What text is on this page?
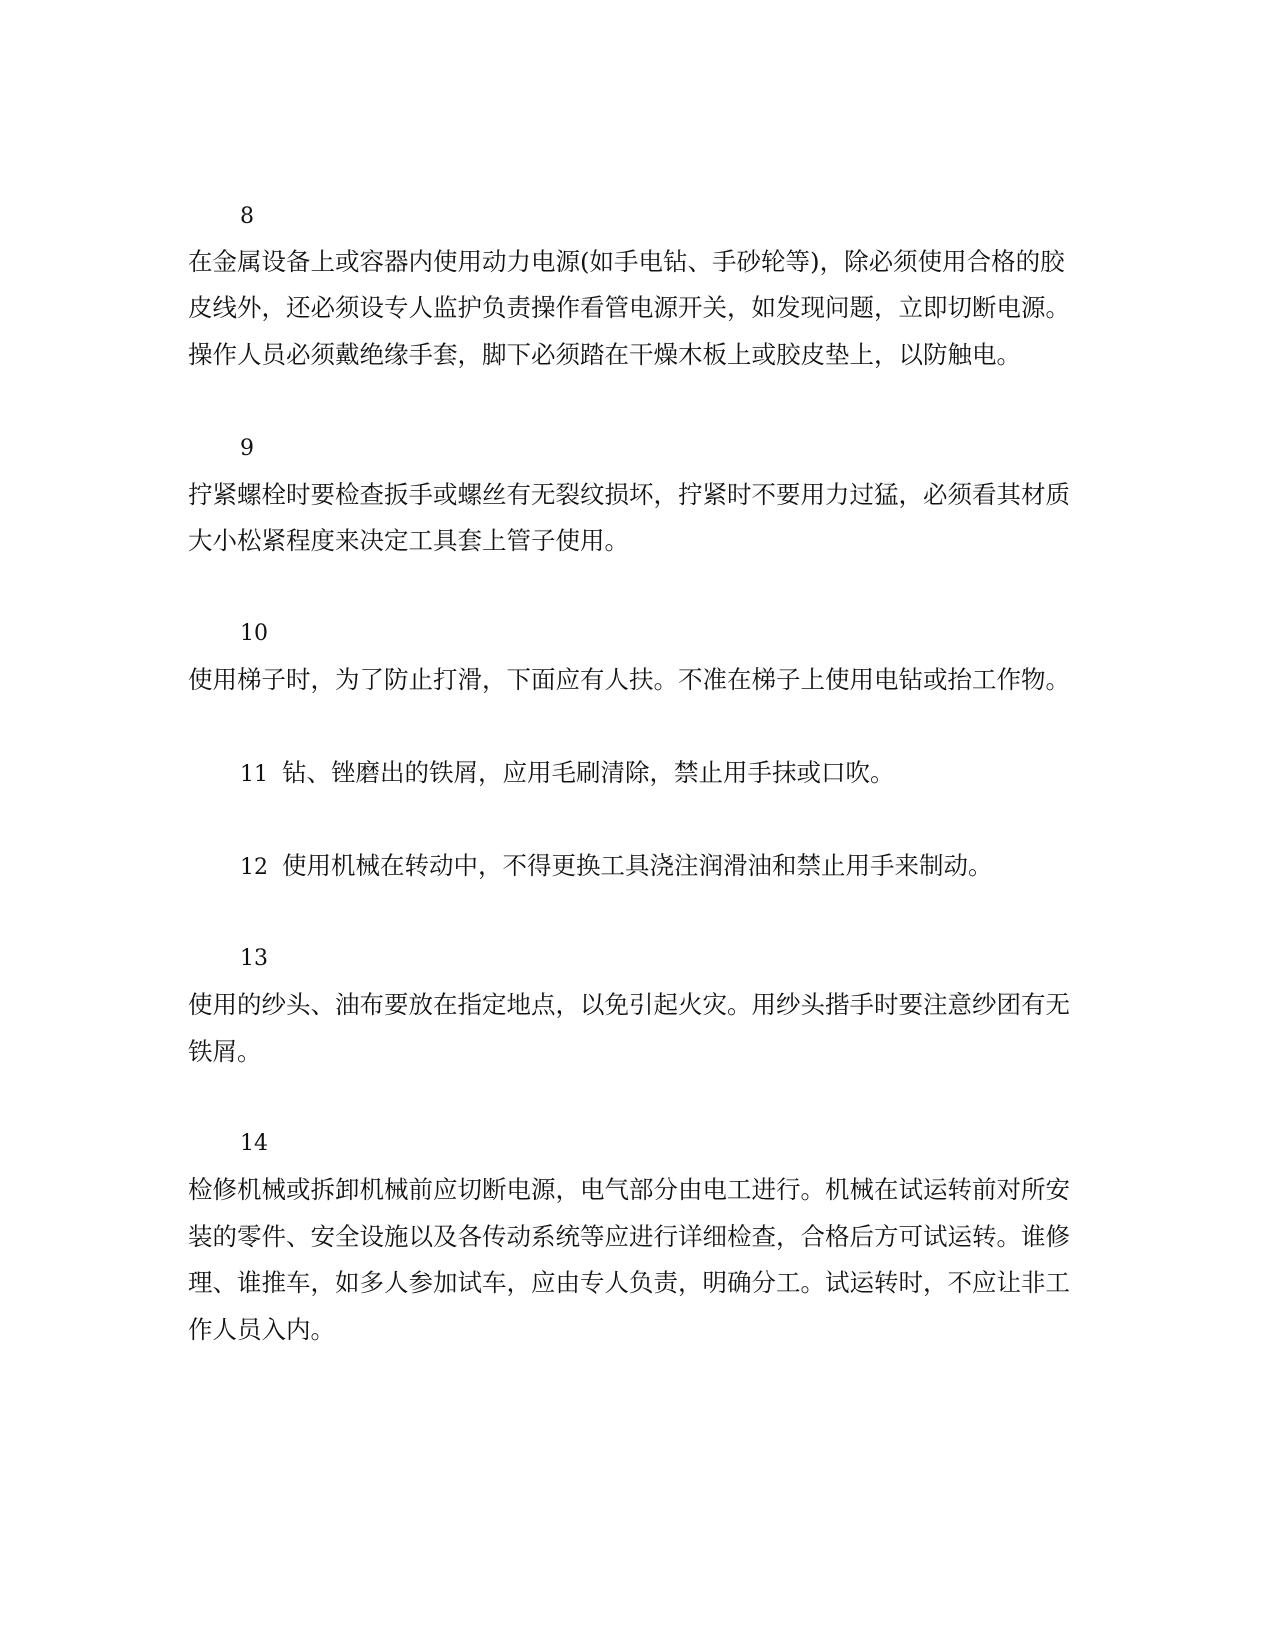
8
在金属设备上或容器内使用动力电源(如手电钻、手砂轮等)，除必须使用合格的胶
皮线外，还必须设专人监护负责操作看管电源开关，如发现问题，立即切断电源。
操作人员必须戴绝缘手套，脚下必须踏在干燥木板上或胶皮垫上，以防触电。
9
拧紧螺栓时要检查扳手或螺丝有无裂纹损坏，拧紧时不要用力过猛，必须看其材质
大小松紧程度来决定工具套上管子使用。
10
使用梯子时，为了防止打滑，下面应有人扶。不准在梯子上使用电钻或抬工作物。
11 钻、锉磨出的铁屑，应用毛刷清除，禁止用手抹或口吹。
12 使用机械在转动中，不得更换工具浇注润滑油和禁止用手来制动。
13
使用的纱头、油布要放在指定地点，以免引起火灾。用纱头揩手时要注意纱团有无
铁屑。
14
检修机械或拆卸机械前应切断电源，电气部分由电工进行。机械在试运转前对所安
装的零件、安全设施以及各传动系统等应进行详细检查，合格后方可试运转。谁修
理、谁推车，如多人参加试车，应由专人负责，明确分工。试运转时，不应让非工
作人员入内。
